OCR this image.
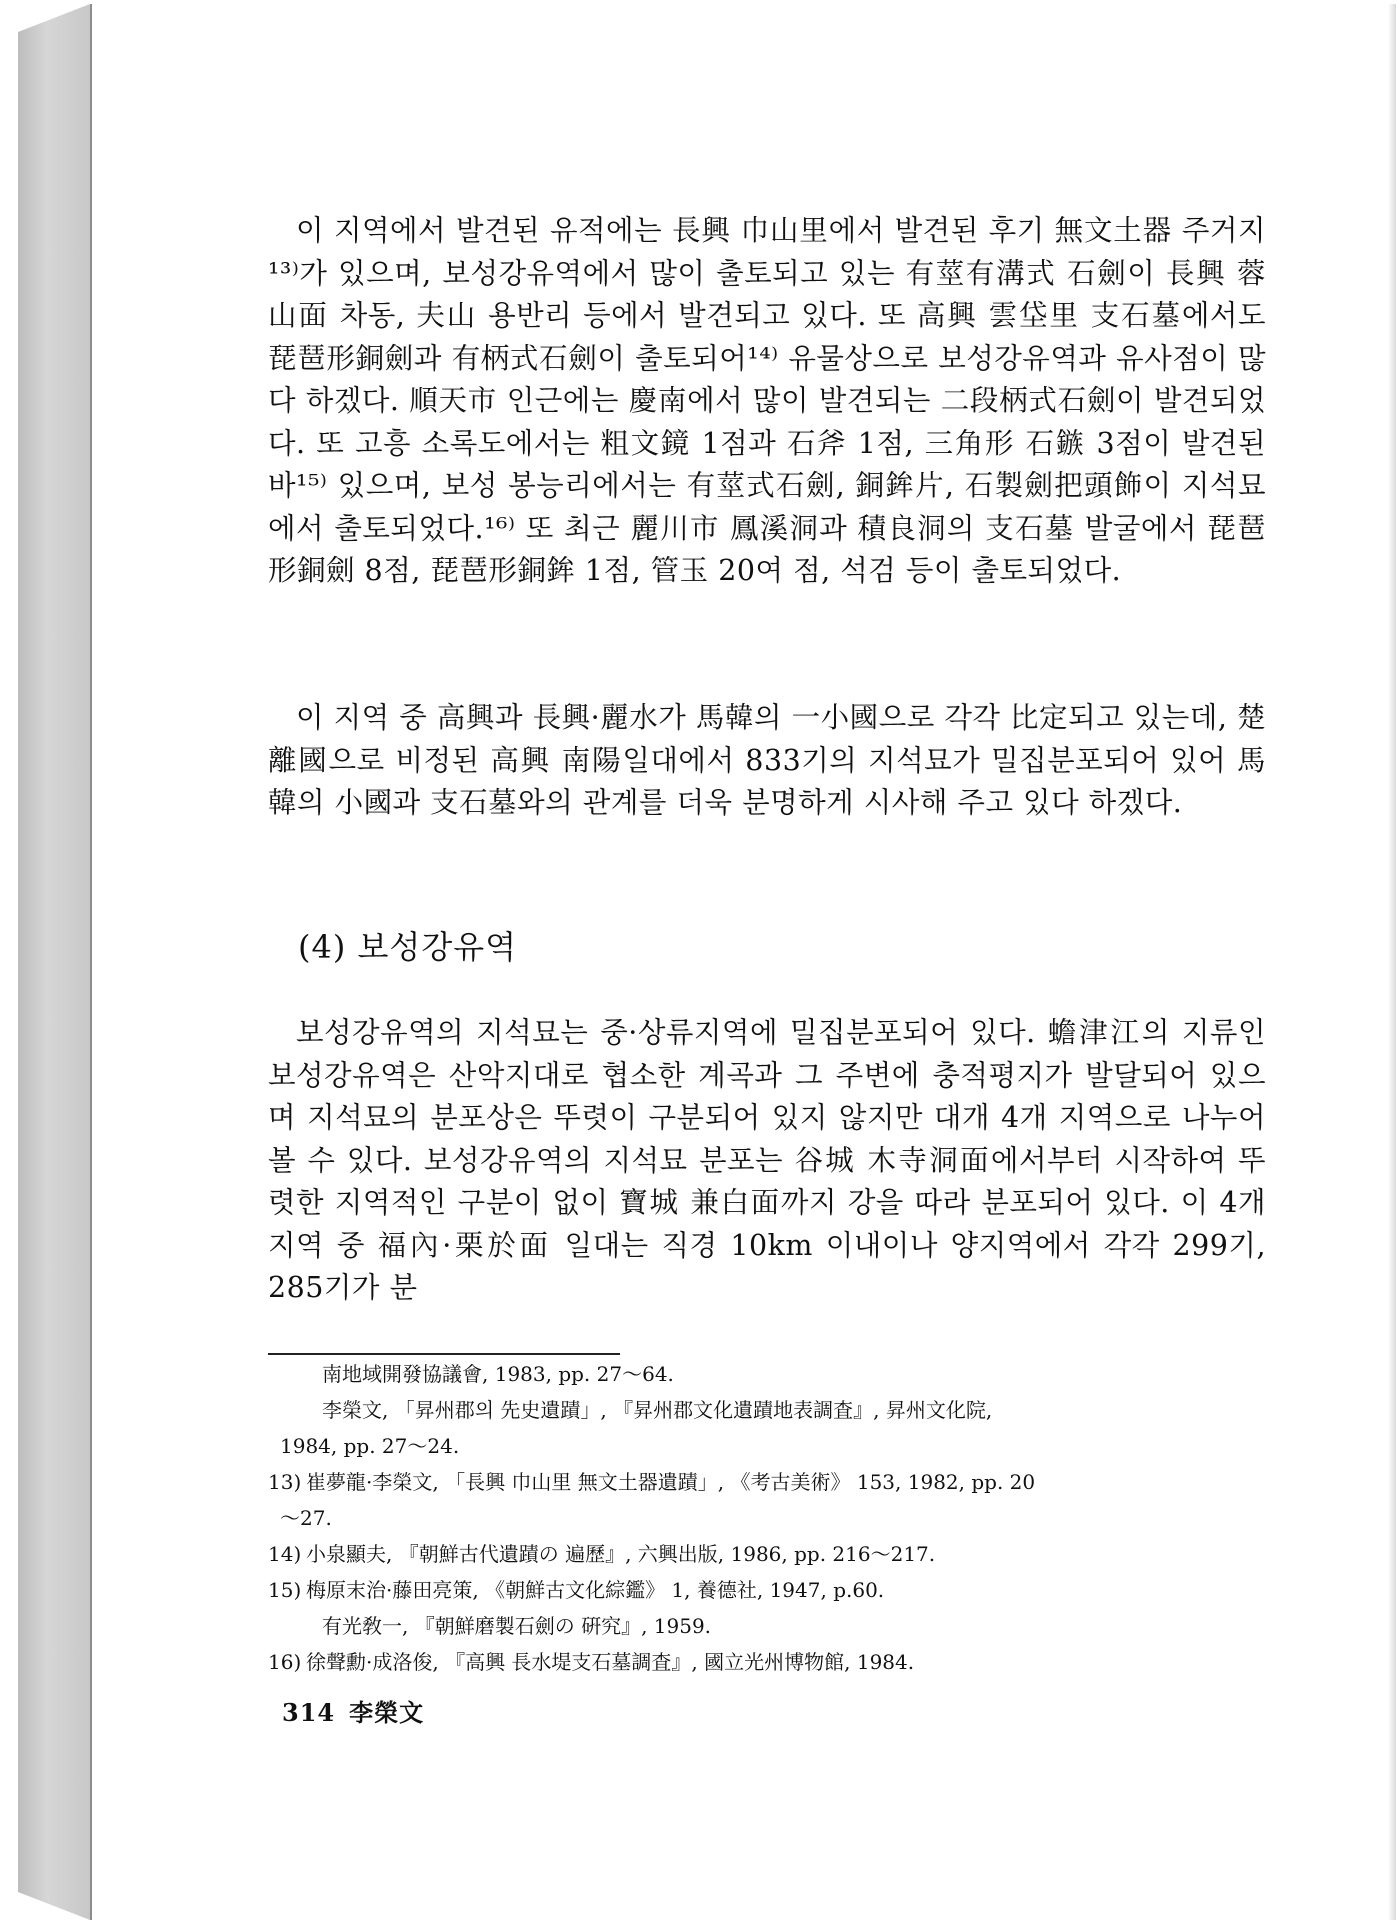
이 지역에서 발견된 유적에는 長興 巾山里에서 발견된 후기 無文土器 주거지¹³⁾가 있으며, 보성강유역에서 많이 출토되고 있는 有莖有溝式 石劍이 長興 蓉山面 차동, 夫山 용반리 등에서 발견되고 있다. 또 高興 雲垈里 支石墓에서도 琵琶形銅劍과 有柄式石劍이 출토되어¹⁴⁾ 유물상으로 보성강유역과 유사점이 많다 하겠다. 順天市 인근에는 慶南에서 많이 발견되는 二段柄式石劍이 발견되었다. 또 고흥 소록도에서는 粗文鏡 1점과 石斧 1점, 三角形 石鏃 3점이 발견된 바¹⁵⁾ 있으며, 보성 봉능리에서는 有莖式石劍, 銅鉾片, 石製劍把頭飾이 지석묘에서 출토되었다.¹⁶⁾ 또 최근 麗川市 鳳溪洞과 積良洞의 支石墓 발굴에서 琵琶形銅劍 8점, 琵琶形銅鉾 1점, 管玉 20여 점, 석검 등이 출토되었다.

이 지역 중 高興과 長興·麗水가 馬韓의 一小國으로 각각 比定되고 있는데, 楚離國으로 비정된 高興 南陽일대에서 833기의 지석묘가 밀집분포되어 있어 馬韓의 小國과 支石墓와의 관계를 더욱 분명하게 시사해 주고 있다 하겠다.

(4) 보성강유역

보성강유역의 지석묘는 중·상류지역에 밀집분포되어 있다. 蟾津江의 지류인 보성강유역은 산악지대로 협소한 계곡과 그 주변에 충적평지가 발달되어 있으며 지석묘의 분포상은 뚜렷이 구분되어 있지 않지만 대개 4개 지역으로 나누어볼 수 있다. 보성강유역의 지석묘 분포는 谷城 木寺洞面에서부터 시작하여 뚜렷한 지역적인 구분이 없이 寶城 兼白面까지 강을 따라 분포되어 있다. 이 4개 지역 중 福內·栗於面 일대는 직경 10km 이내이나 양지역에서 각각 299기, 285기가 분

南地域開發協議會, 1983, pp. 27～64.
李榮文, 「昇州郡의 先史遺蹟」, 『昇州郡文化遺蹟地表調査』, 昇州文化院,
1984, pp. 27～24.
13) 崔夢龍·李榮文, 「長興 巾山里 無文土器遺蹟」, 《考古美術》 153, 1982, pp. 20
～27.
14) 小泉顯夫, 『朝鮮古代遺蹟の 遍歷』, 六興出版, 1986, pp. 216～217.
15) 梅原末治·藤田亮策, 《朝鮮古文化綜鑑》 1, 養德社, 1947, p.60.
有光敎一, 『朝鮮磨製石劍の 硏究』, 1959.
16) 徐聲勳·成洛俊, 『高興 長水堤支石墓調査』, 國立光州博物館, 1984.
314 李榮文
